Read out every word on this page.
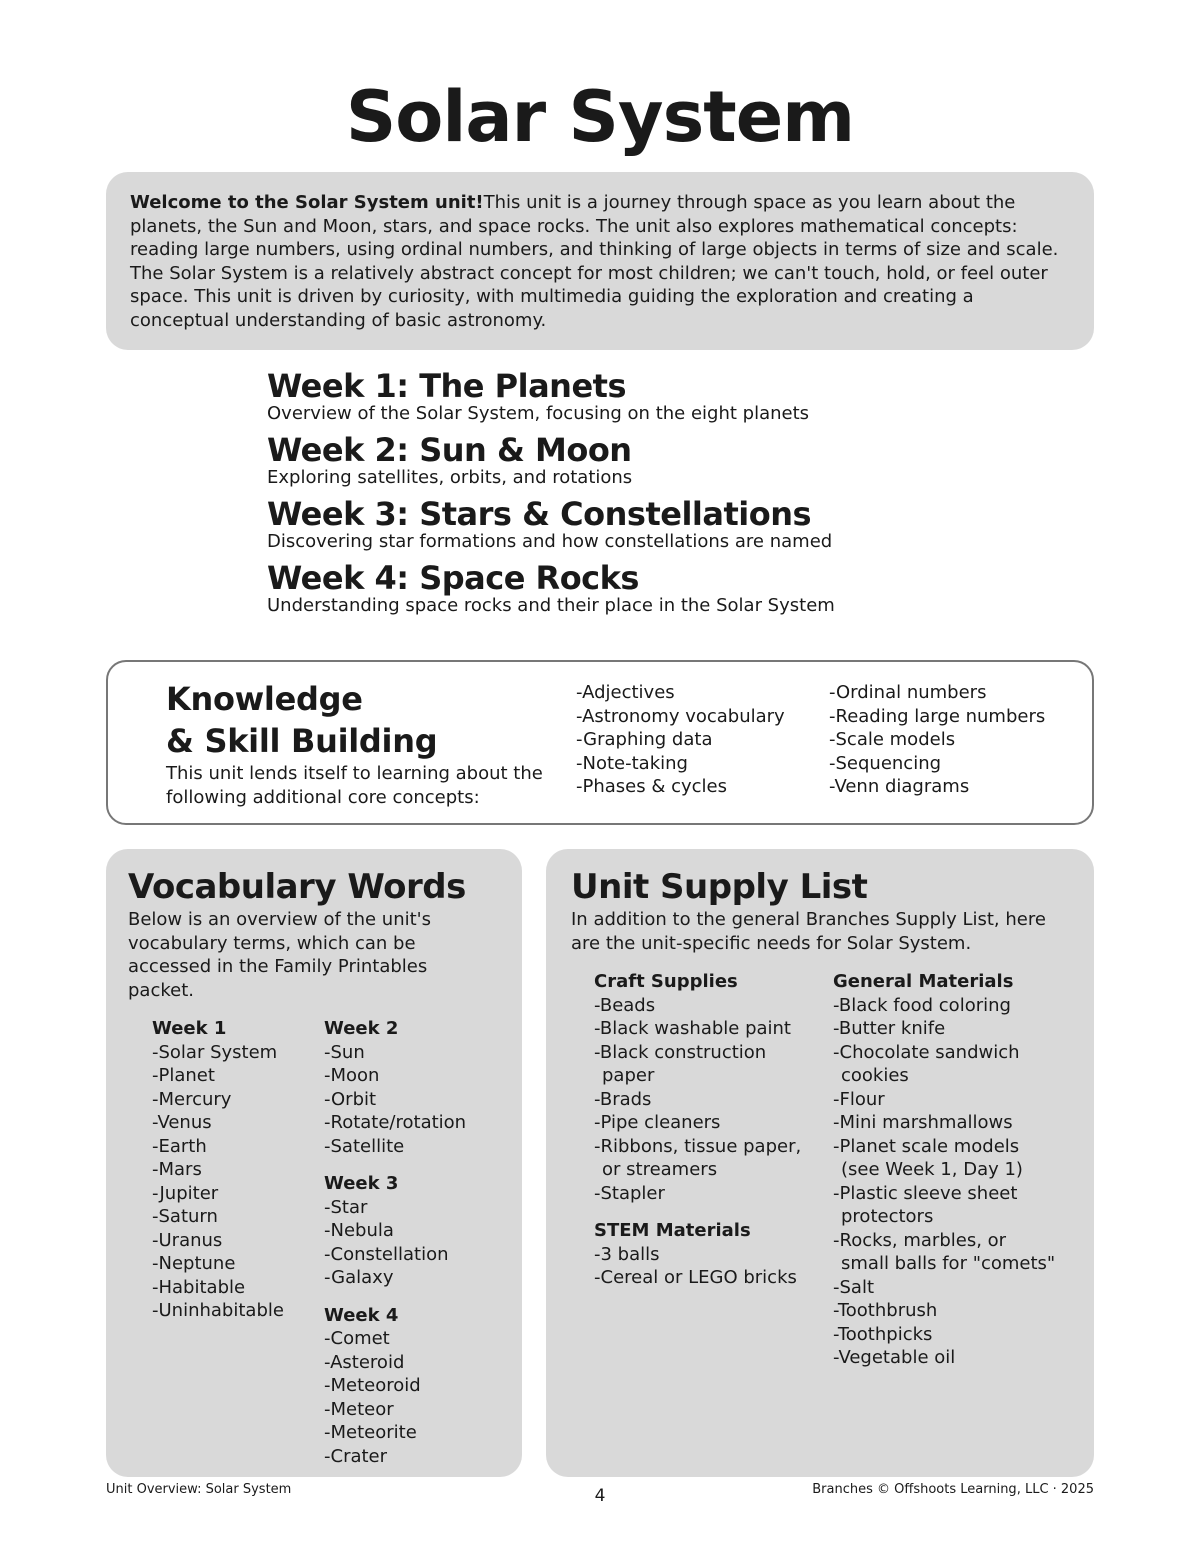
Solar System
Welcome to the Solar System unit!This unit is a journey through space as you learn about the planets, the Sun and Moon, stars, and space rocks. The unit also explores mathematical concepts: reading large numbers, using ordinal numbers, and thinking of large objects in terms of size and scale. The Solar System is a relatively abstract concept for most children; we can't touch, hold, or feel outer space. This unit is driven by curiosity, with multimedia guiding the exploration and creating a conceptual understanding of basic astronomy.

Week 1: The Planets

Overview of the Solar System, focusing on the eight planets

Week 2: Sun & Moon

Exploring satellites, orbits, and rotations

Week 3: Stars & Constellations

Discovering star formations and how constellations are named

Week 4: Space Rocks

Understanding space rocks and their place in the Solar System

Knowledge
& Skill Building
This unit lends itself to learning about the following additional core concepts:
-Adjectives
-Astronomy vocabulary
-Graphing data
-Note-taking
-Phases & cycles
-Ordinal numbers
-Reading large numbers
-Scale models
-Sequencing
-Venn diagrams
Vocabulary Words
Below is an overview of the unit's vocabulary terms, which can be accessed in the Family Printables packet.
Week 1
-Solar System
-Planet
-Mercury
-Venus
-Earth
-Mars
-Jupiter
-Saturn
-Uranus
-Neptune
-Habitable
-Uninhabitable
Week 2
-Sun
-Moon
-Orbit
-Rotate/rotation
-Satellite
Week 3
-Star
-Nebula
-Constellation
-Galaxy
Week 4
-Comet
-Asteroid
-Meteoroid
-Meteor
-Meteorite
-Crater
Unit Supply List
In addition to the general Branches Supply List, here are the unit-specific needs for Solar System.
Craft Supplies
-Beads
-Black washable paint
-Black construction
paper
-Brads
-Pipe cleaners
-Ribbons, tissue paper,
or streamers
-Stapler
STEM Materials
-3 balls
-Cereal or LEGO bricks
General Materials
-Black food coloring
-Butter knife
-Chocolate sandwich
cookies
-Flour
-Mini marshmallows
-Planet scale models
(see Week 1, Day 1)
-Plastic sleeve sheet
protectors
-Rocks, marbles, or
small balls for "comets"
-Salt
-Toothbrush
-Toothpicks
-Vegetable oil
Unit Overview: Solar System	4	Branches © Offshoots Learning, LLC · 2025
